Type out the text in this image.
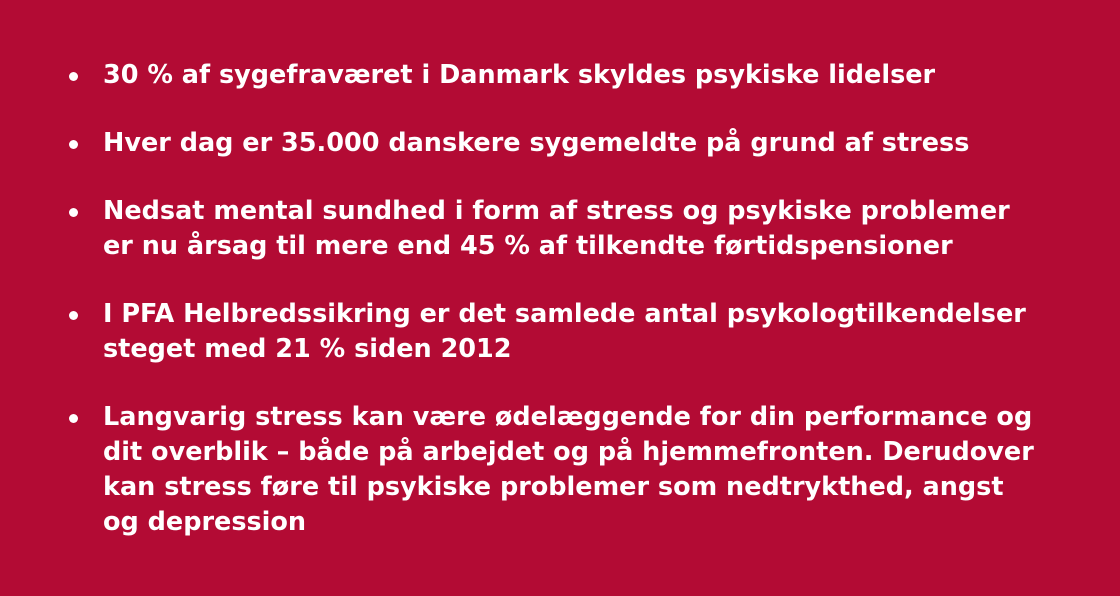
30 % af sygefraværet i Danmark skyldes psykiske lidelser
Hver dag er 35.000 danskere sygemeldte på grund af stress
Nedsat mental sundhed i form af stress og psykiske problemer
er nu årsag til mere end 45 % af tilkendte førtidspensioner
I PFA Helbredssikring er det samlede antal psykologtilkendelser
steget med 21 % siden 2012
Langvarig stress kan være ødelæggende for din performance og
dit overblik – både på arbejdet og på hjemmefronten. Derudover
kan stress føre til psykiske problemer som nedtrykthed, angst
og depression
